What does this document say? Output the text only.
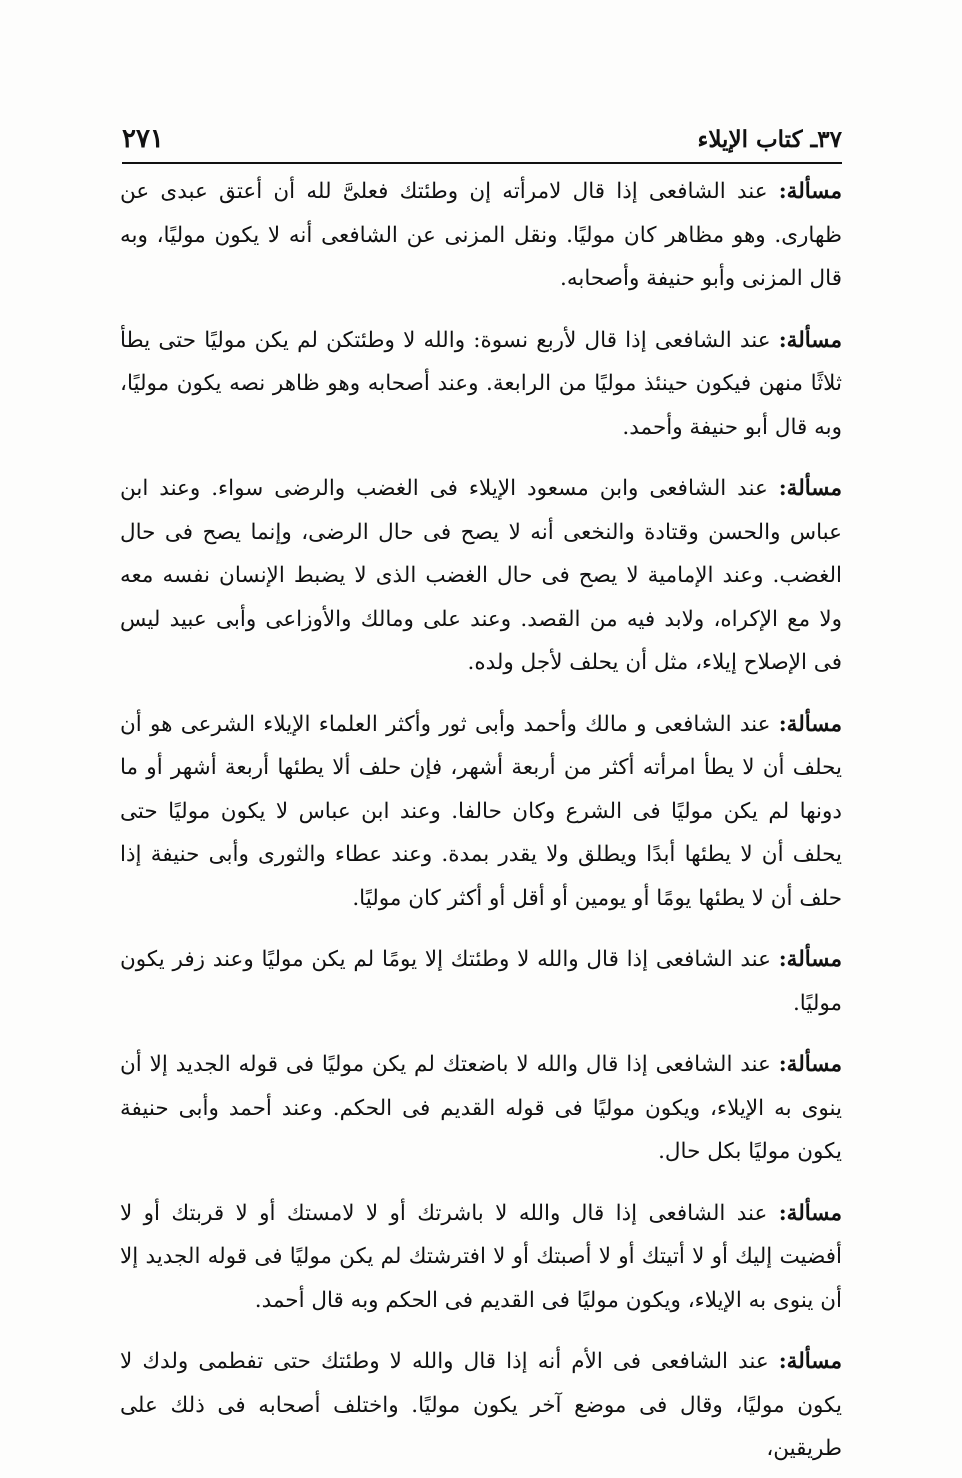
٣٧ـ كتاب الإيلاء
٢٧١

مسألة: عند الشافعى إذا قال لامرأته إن وطئتك فعلىَّ لله أن أعتق عبدى عن ظهارى. وهو مظاهر كان موليًا. ونقل المزنى عن الشافعى أنه لا يكون موليًا، وبه قال المزنى وأبو حنيفة وأصحابه.

مسألة: عند الشافعى إذا قال لأربع نسوة: والله لا وطئتكن لم يكن موليًا حتى يطأ ثلاثًا منهن فيكون حينئذ موليًا من الرابعة. وعند أصحابه وهو ظاهر نصه يكون موليًا، وبه قال أبو حنيفة وأحمد.

مسألة: عند الشافعى وابن مسعود الإيلاء فى الغضب والرضى سواء. وعند ابن عباس والحسن وقتادة والنخعى أنه لا يصح فى حال الرضى، وإنما يصح فى حال الغضب. وعند الإمامية لا يصح فى حال الغضب الذى لا يضبط الإنسان نفسه معه ولا مع الإكراه، ولابد فيه من القصد. وعند على ومالك والأوزاعى وأبى عبيد ليس فى الإصلاح إيلاء، مثل أن يحلف لأجل ولده.

مسألة: عند الشافعى و مالك وأحمد وأبى ثور وأكثر العلماء الإيلاء الشرعى هو أن يحلف أن لا يطأ امرأته أكثر من أربعة أشهر، فإن حلف ألا يطئها أربعة أشهر أو ما دونها لم يكن موليًا فى الشرع وكان حالفا. وعند ابن عباس لا يكون موليًا حتى يحلف أن لا يطئها أبدًا ويطلق ولا يقدر بمدة. وعند عطاء والثورى وأبى حنيفة إذا حلف أن لا يطئها يومًا أو يومين أو أقل أو أكثر كان موليًا.

مسألة: عند الشافعى إذا قال والله لا وطئتك إلا يومًا لم يكن موليًا وعند زفر يكون موليًا.

مسألة: عند الشافعى إذا قال والله لا باضعتك لم يكن موليًا فى قوله الجديد إلا أن ينوى به الإيلاء، ويكون موليًا فى قوله القديم فى الحكم. وعند أحمد وأبى حنيفة يكون موليًا بكل حال.

مسألة: عند الشافعى إذا قال والله لا باشرتك أو لا لامستك أو لا قربتك أو لا أفضيت إليك أو لا أتيتك أو لا أصبتك أو لا افترشتك لم يكن موليًا فى قوله الجديد إلا أن ينوى به الإيلاء، ويكون موليًا فى القديم فى الحكم وبه قال أحمد.

مسألة: عند الشافعى فى الأم أنه إذا قال والله لا وطئتك حتى تفطمى ولدك لا يكون موليًا، وقال فى موضع آخر يكون موليًا. واختلف أصحابه فى ذلك على طريقين،
